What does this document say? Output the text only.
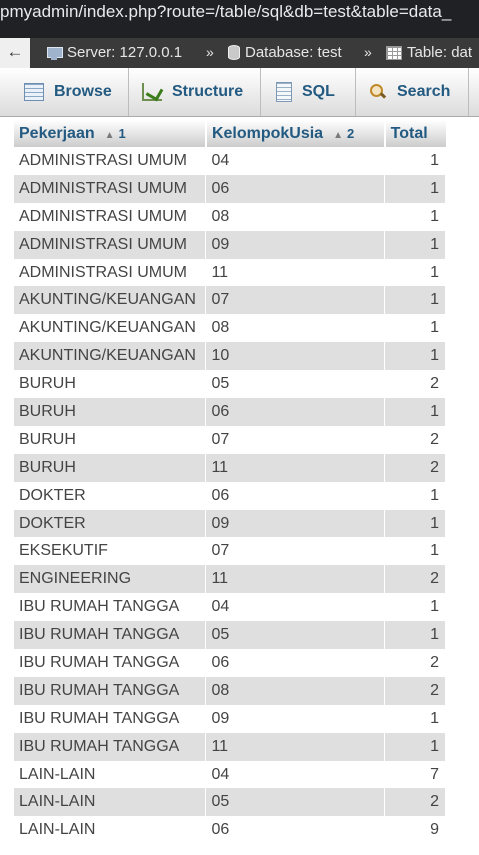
pmyadmin/index.php?route=/table/sql&db=test&table=data_
←	Server: 127.0.0.1 » Database: test » Table: dat
Browse	Structure	SQL	Search
Pekerjaan ▲ 1	KelompokUsia ▲ 2	Total
ADMINISTRASI UMUM	04	1
ADMINISTRASI UMUM	06	1
ADMINISTRASI UMUM	08	1
ADMINISTRASI UMUM	09	1
ADMINISTRASI UMUM	11	1
AKUNTING/KEUANGAN	07	1
AKUNTING/KEUANGAN	08	1
AKUNTING/KEUANGAN	10	1
BURUH	05	2
BURUH	06	1
BURUH	07	2
BURUH	11	2
DOKTER	06	1
DOKTER	09	1
EKSEKUTIF	07	1
ENGINEERING	11	2
IBU RUMAH TANGGA	04	1
IBU RUMAH TANGGA	05	1
IBU RUMAH TANGGA	06	2
IBU RUMAH TANGGA	08	2
IBU RUMAH TANGGA	09	1
IBU RUMAH TANGGA	11	1
LAIN-LAIN	04	7
LAIN-LAIN	05	2
LAIN-LAIN	06	9
